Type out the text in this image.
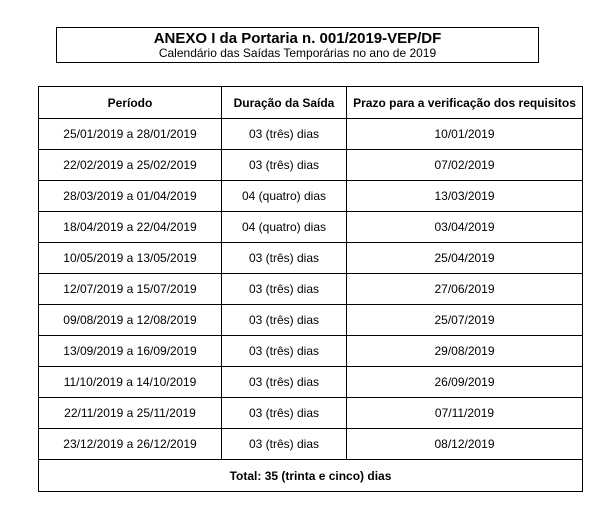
ANEXO I da Portaria n. 001/2019-VEP/DF
Calendário das Saídas Temporárias no ano de 2019
Período	Duração da Saída	Prazo para a verificação dos requisitos
25/01/2019 a 28/01/2019	03 (três) dias	10/01/2019
22/02/2019 a 25/02/2019	03 (três) dias	07/02/2019
28/03/2019 a 01/04/2019	04 (quatro) dias	13/03/2019
18/04/2019 a 22/04/2019	04 (quatro) dias	03/04/2019
10/05/2019 a 13/05/2019	03 (três) dias	25/04/2019
12/07/2019 a 15/07/2019	03 (três) dias	27/06/2019
09/08/2019 a 12/08/2019	03 (três) dias	25/07/2019
13/09/2019 a 16/09/2019	03 (três) dias	29/08/2019
11/10/2019 a 14/10/2019	03 (três) dias	26/09/2019
22/11/2019 a 25/11/2019	03 (três) dias	07/11/2019
23/12/2019 a 26/12/2019	03 (três) dias	08/12/2019
Total: 35 (trinta e cinco) dias		
